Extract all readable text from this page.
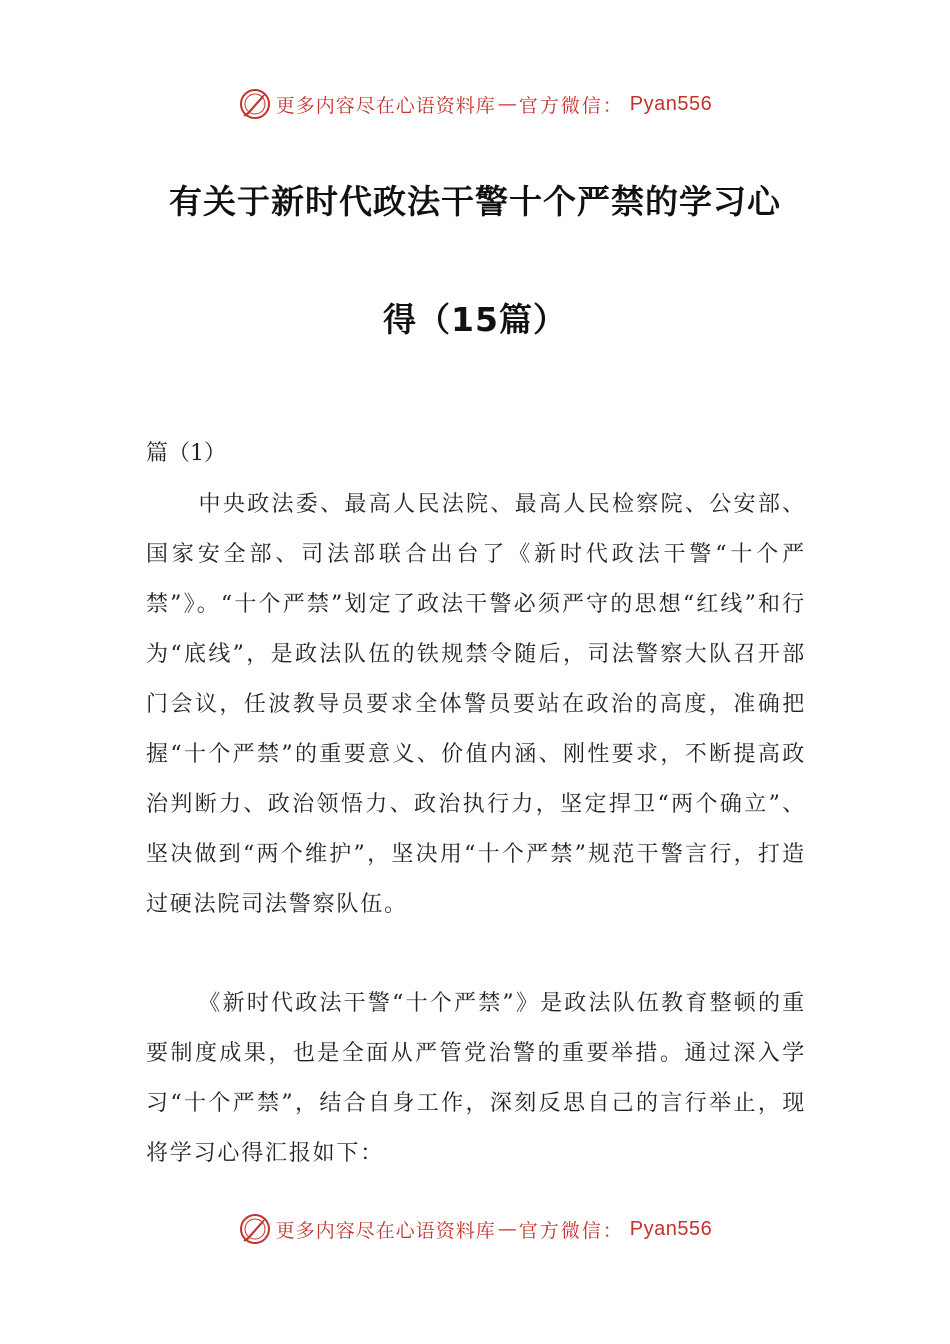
更多内容尽在心语资料库 — 官方微信： Pyan556
有关于新时代政法干警十个严禁的学习心
得（15篇）
篇（1）
中央政法委、最高人民法院、最高人民检察院、公安部、国家安全部、司法部联合出台了《新时代政法干警“十个严禁”》。“十个严禁”划定了政法干警必须严守的思想“红线”和行为“底线”，是政法队伍的铁规禁令随后，司法警察大队召开部门会议，任波教导员要求全体警员要站在政治的高度，准确把握“十个严禁”的重要意义、价值内涵、刚性要求，不断提高政治判断力、政治领悟力、政治执行力，坚定捍卫“两个确立”、坚决做到“两个维护”，坚决用“十个严禁”规范干警言行，打造过硬法院司法警察队伍。
《新时代政法干警“十个严禁”》是政法队伍教育整顿的重要制度成果，也是全面从严管党治警的重要举措。通过深入学习“十个严禁”，结合自身工作，深刻反思自己的言行举止，现将学习心得汇报如下：
更多内容尽在心语资料库 — 官方微信： Pyan556
